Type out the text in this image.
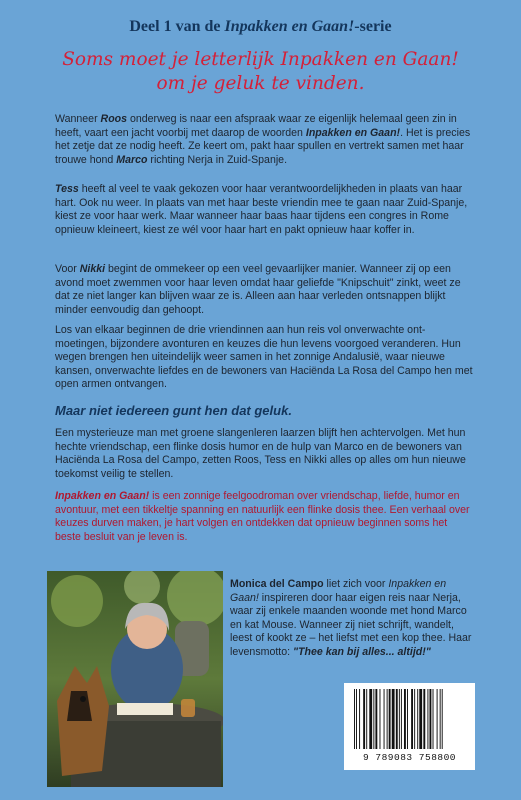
Deel 1 van de Inpakken en Gaan!-serie
Soms moet je letterlijk Inpakken en Gaan!
om je geluk te vinden.
Wanneer Roos onderweg is naar een afspraak waar ze eigenlijk helemaal geen zin in heeft, vaart een jacht voorbij met daarop de woorden Inpakken en Gaan!. Het is precies het zetje dat ze nodig heeft. Ze keert om, pakt haar spullen en vertrekt samen met haar trouwe hond Marco richting Nerja in Zuid-Spanje.
Tess heeft al veel te vaak gekozen voor haar verantwoordelijkheden in plaats van haar hart. Ook nu weer. In plaats van met haar beste vriendin mee te gaan naar Zuid-Spanje, kiest ze voor haar werk. Maar wanneer haar baas haar tijdens een congres in Rome opnieuw kleineert, kiest ze wél voor haar hart en pakt opnieuw haar koffer in.
Voor Nikki begint de ommekeer op een veel gevaarlijker manier. Wanneer zij op een avond moet zwemmen voor haar leven omdat haar geliefde "Knipschuit" zinkt, weet ze dat ze niet langer kan blijven waar ze is. Alleen aan haar verleden ontsnappen blijkt minder eenvoudig dan gehoopt.
Los van elkaar beginnen de drie vriendinnen aan hun reis vol onverwachte ont-moetingen, bijzondere avonturen en keuzes die hun levens voorgoed veranderen. Hun wegen brengen hen uiteindelijk weer samen in het zonnige Andalusië, waar nieuwe kansen, onverwachte liefdes en de bewoners van Haciënda La Rosa del Campo hen met open armen ontvangen.
Maar niet iedereen gunt hen dat geluk.
Een mysterieuze man met groene slangenleren laarzen blijft hen achtervolgen. Met hun hechte vriendschap, een flinke dosis humor en de hulp van Marco en de bewoners van Haciënda La Rosa del Campo, zetten Roos, Tess en Nikki alles op alles om hun nieuwe toekomst veilig te stellen.
Inpakken en Gaan! is een zonnige feelgoodroman over vriendschap, liefde, humor en avontuur, met een tikkeltje spanning en natuurlijk een flinke dosis thee. Een verhaal over keuzes durven maken, je hart volgen en ontdekken dat opnieuw beginnen soms het beste besluit van je leven is.
Monica del Campo liet zich voor Inpakken en Gaan! inspireren door haar eigen reis naar Nerja, waar zij enkele maanden woonde met hond Marco en kat Mouse. Wanneer zij niet schrijft, wandelt, leest of kookt ze – het liefst met een kop thee. Haar levensmotto: "Thee kan bij alles... altijd!"
9 789083 758800
